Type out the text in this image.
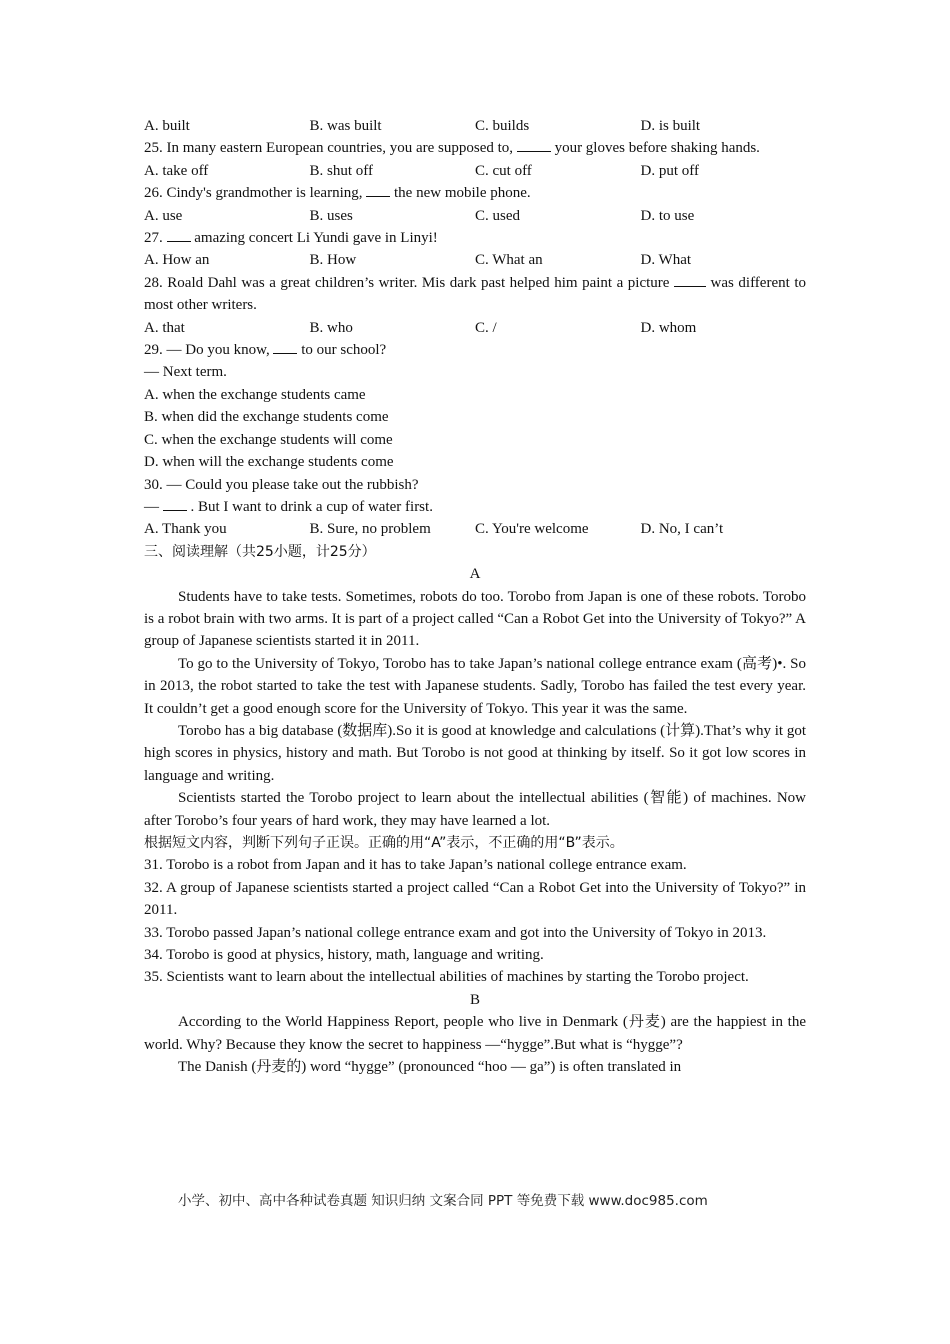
A. built	B. was built	C. builds	D. is built

25. In many eastern European countries, you are supposed to,	your gloves before shaking hands.

A. take off	B. shut off	C. cut off	D. put off

26. Cindy's grandmother is learning, the new mobile phone.

A. use	B. uses	C. used	D. to use

27. amazing concert Li Yundi gave in Linyi!

A. How an	B. How	C. What an	D. What

28. Roald Dahl was a great children’s writer. Mis dark past helped him paint a picture	was different to most other writers.

A. that	B. who	C. /	D. whom

29. — Do you know, to our school?

— Next term.

A. when the exchange students came

B. when did the exchange students come

C. when the exchange students will come

D. when will the exchange students come

30. — Could you please take out the rubbish?

— . But I want to drink a cup of water first.

A. Thank you	B. Sure, no problem	C. You're welcome	D. No, I can’t

三、阅读理解（共25小题，计25分）

A

Students have to take tests. Sometimes, robots do too. Torobo from Japan is one of these robots. Torobo is a robot brain with two arms. It is part of a project called “Can a Robot Get into the University of Tokyo?” A group of Japanese scientists started it in 2011.

To go to the University of Tokyo, Torobo has to take Japan’s national college entrance exam (高考)•. So in 2013, the robot started to take the test with Japanese students. Sadly, Torobo has failed the test every year. It couldn’t get a good enough score for the University of Tokyo. This year it was the same.

Torobo has a big database (数据库).So it is good at knowledge and calculations (计算).That’s why it got high scores in physics, history and math. But Torobo is not good at thinking by itself. So it got low scores in language and writing.

Scientists started the Torobo project to learn about the intellectual abilities (智能) of machines. Now after Torobo’s four years of hard work, they may have learned a lot.

根据短文内容，判断下列句子正误。正确的用“A”表示，不正确的用“B”表示。

31. Torobo is a robot from Japan and it has to take Japan’s national college entrance exam.

32. A group of Japanese scientists started a project called “Can a Robot Get into the University of Tokyo?” in 2011.

33. Torobo passed Japan’s national college entrance exam and got into the University of Tokyo in 2013.

34. Torobo is good at physics, history, math, language and writing.

35. Scientists want to learn about the intellectual abilities of machines by starting the Torobo project.

B

According to the World Happiness Report, people who live in Denmark (丹麦) are the happiest in the world. Why? Because they know the secret to happiness —“hygge”.But what is “hygge”?

The Danish (丹麦的) word “hygge” (pronounced “hoo — ga”) is often translated in

小学、初中、高中各种试卷真题 知识归纳 文案合同 PPT 等免费下载 www.doc985.com
